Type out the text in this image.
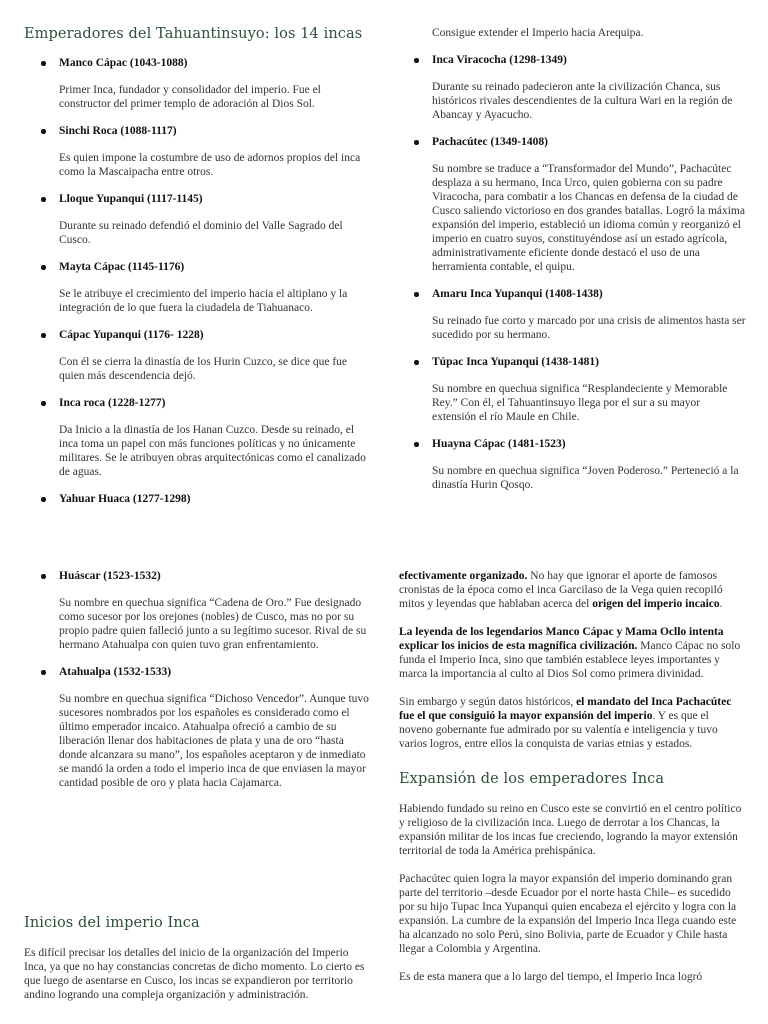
Emperadores del Tahuantinsuyo: los 14 incas
Manco Cápac (1043-1088)

Primer Inca, fundador y consolidador del imperio. Fue el constructor del primer templo de adoración al Dios Sol.

Sinchi Roca (1088-1117)

Es quien impone la costumbre de uso de adornos propios del inca como la Mascaipacha entre otros.

Lloque Yupanqui (1117-1145)

Durante su reinado defendió el dominio del Valle Sagrado del Cusco.

Mayta Cápac (1145-1176)

Se le atribuye el crecimiento del imperio hacia el altiplano y la integración de lo que fuera la ciudadela de Tiahuanaco.

Cápac Yupanqui (1176- 1228)

Con él se cierra la dinastía de los Hurin Cuzco, se dice que fue quien más descendencia dejó.

Inca roca (1228-1277)

Da Inicio a la dinastía de los Hanan Cuzco. Desde su reinado, el inca toma un papel con más funciones políticas y no únicamente militares. Se le atribuyen obras arquitectónicas como el canalizado de aguas.

Yahuar Huaca (1277-1298)

Consigue extender el Imperio hacia Arequipa.

Inca Viracocha (1298-1349)

Durante su reinado padecieron ante la civilización Chanca, sus históricos rivales descendientes de la cultura Wari en la región de Abancay y Ayacucho.

Pachacútec (1349-1408)

Su nombre se traduce a “Transformador del Mundo”, Pachacútec desplaza a su hermano, Inca Urco, quien gobierna con su padre Viracocha, para combatir a los Chancas en defensa de la ciudad de Cusco saliendo victorioso en dos grandes batallas. Logró la máxima expansión del imperio, estableció un idioma común y reorganizó el imperio en cuatro suyos, constituyéndose así un estado agrícola, administrativamente eficiente donde destacó el uso de una herramienta contable, el quipu.

Amaru Inca Yupanqui (1408-1438)

Su reinado fue corto y marcado por una crisis de alimentos hasta ser sucedido por su hermano.

Túpac Inca Yupanqui (1438-1481)

Su nombre en quechua significa “Resplandeciente y Memorable Rey.” Con él, el Tahuantinsuyo llega por el sur a su mayor extensión el río Maule en Chile.

Huayna Cápac (1481-1523)

Su nombre en quechua significa “Joven Poderoso.” Perteneció a la dinastía Hurin Qosqo.

Huáscar (1523-1532)

Su nombre en quechua significa “Cadena de Oro.” Fue designado como sucesor por los orejones (nobles) de Cusco, mas no por su propio padre quien falleció junto a su legítimo sucesor. Rival de su hermano Atahualpa con quien tuvo gran enfrentamiento.

Atahualpa (1532-1533)

Su nombre en quechua significa “Dichoso Vencedor”. Aunque tuvo sucesores nombrados por los españoles es considerado como el último emperador incaico. Atahualpa ofreció a cambio de su liberación llenar dos habitaciones de plata y una de oro “hasta donde alcanzara su mano”, los españoles aceptaron y de inmediato se mandó la orden a todo el imperio inca de que enviasen la mayor cantidad posible de oro y plata hacia Cajamarca.

Inicios del imperio Inca

Es difícil precisar los detalles del inicio de la organización del Imperio Inca, ya que no hay constancias concretas de dicho momento. Lo cierto es que luego de asentarse en Cusco, los incas se expandieron por territorio andino logrando una compleja organización y administración.

efectivamente organizado. No hay que ignorar el aporte de famosos cronistas de la época como el inca Garcilaso de la Vega quien recopiló mitos y leyendas que hablaban acerca del origen del imperio incaico.

La leyenda de los legendarios Manco Cápac y Mama Ocllo intenta explicar los inicios de esta magnífica civilización. Manco Cápac no solo funda el Imperio Inca, sino que también establece leyes importantes y marca la importancia al culto al Dios Sol como primera divinidad.

Sin embargo y según datos históricos, el mandato del Inca Pachacútec fue el que consiguió la mayor expansión del imperio. Y es que el noveno gobernante fue admirado por su valentía e inteligencia y tuvo varios logros, entre ellos la conquista de varias etnias y estados.

Expansión de los emperadores Inca

Habiendo fundado su reino en Cusco este se convirtió en el centro político y religioso de la civilización inca. Luego de derrotar a los Chancas, la expansión militar de los incas fue creciendo, logrando la mayor extensión territorial de toda la América prehispánica.

Pachacútec quien logra la mayor expansión del imperio dominando gran parte del territorio –desde Ecuador por el norte hasta Chile– es sucedido por su hijo Tupac Inca Yupanqui quien encabeza el ejército y logra con la expansión. La cumbre de la expansión del Imperio Inca llega cuando este ha alcanzado no solo Perú, sino Bolivia, parte de Ecuador y Chile hasta llegar a Colombia y Argentina.

Es de esta manera que a lo largo del tiempo, el Imperio Inca logró
